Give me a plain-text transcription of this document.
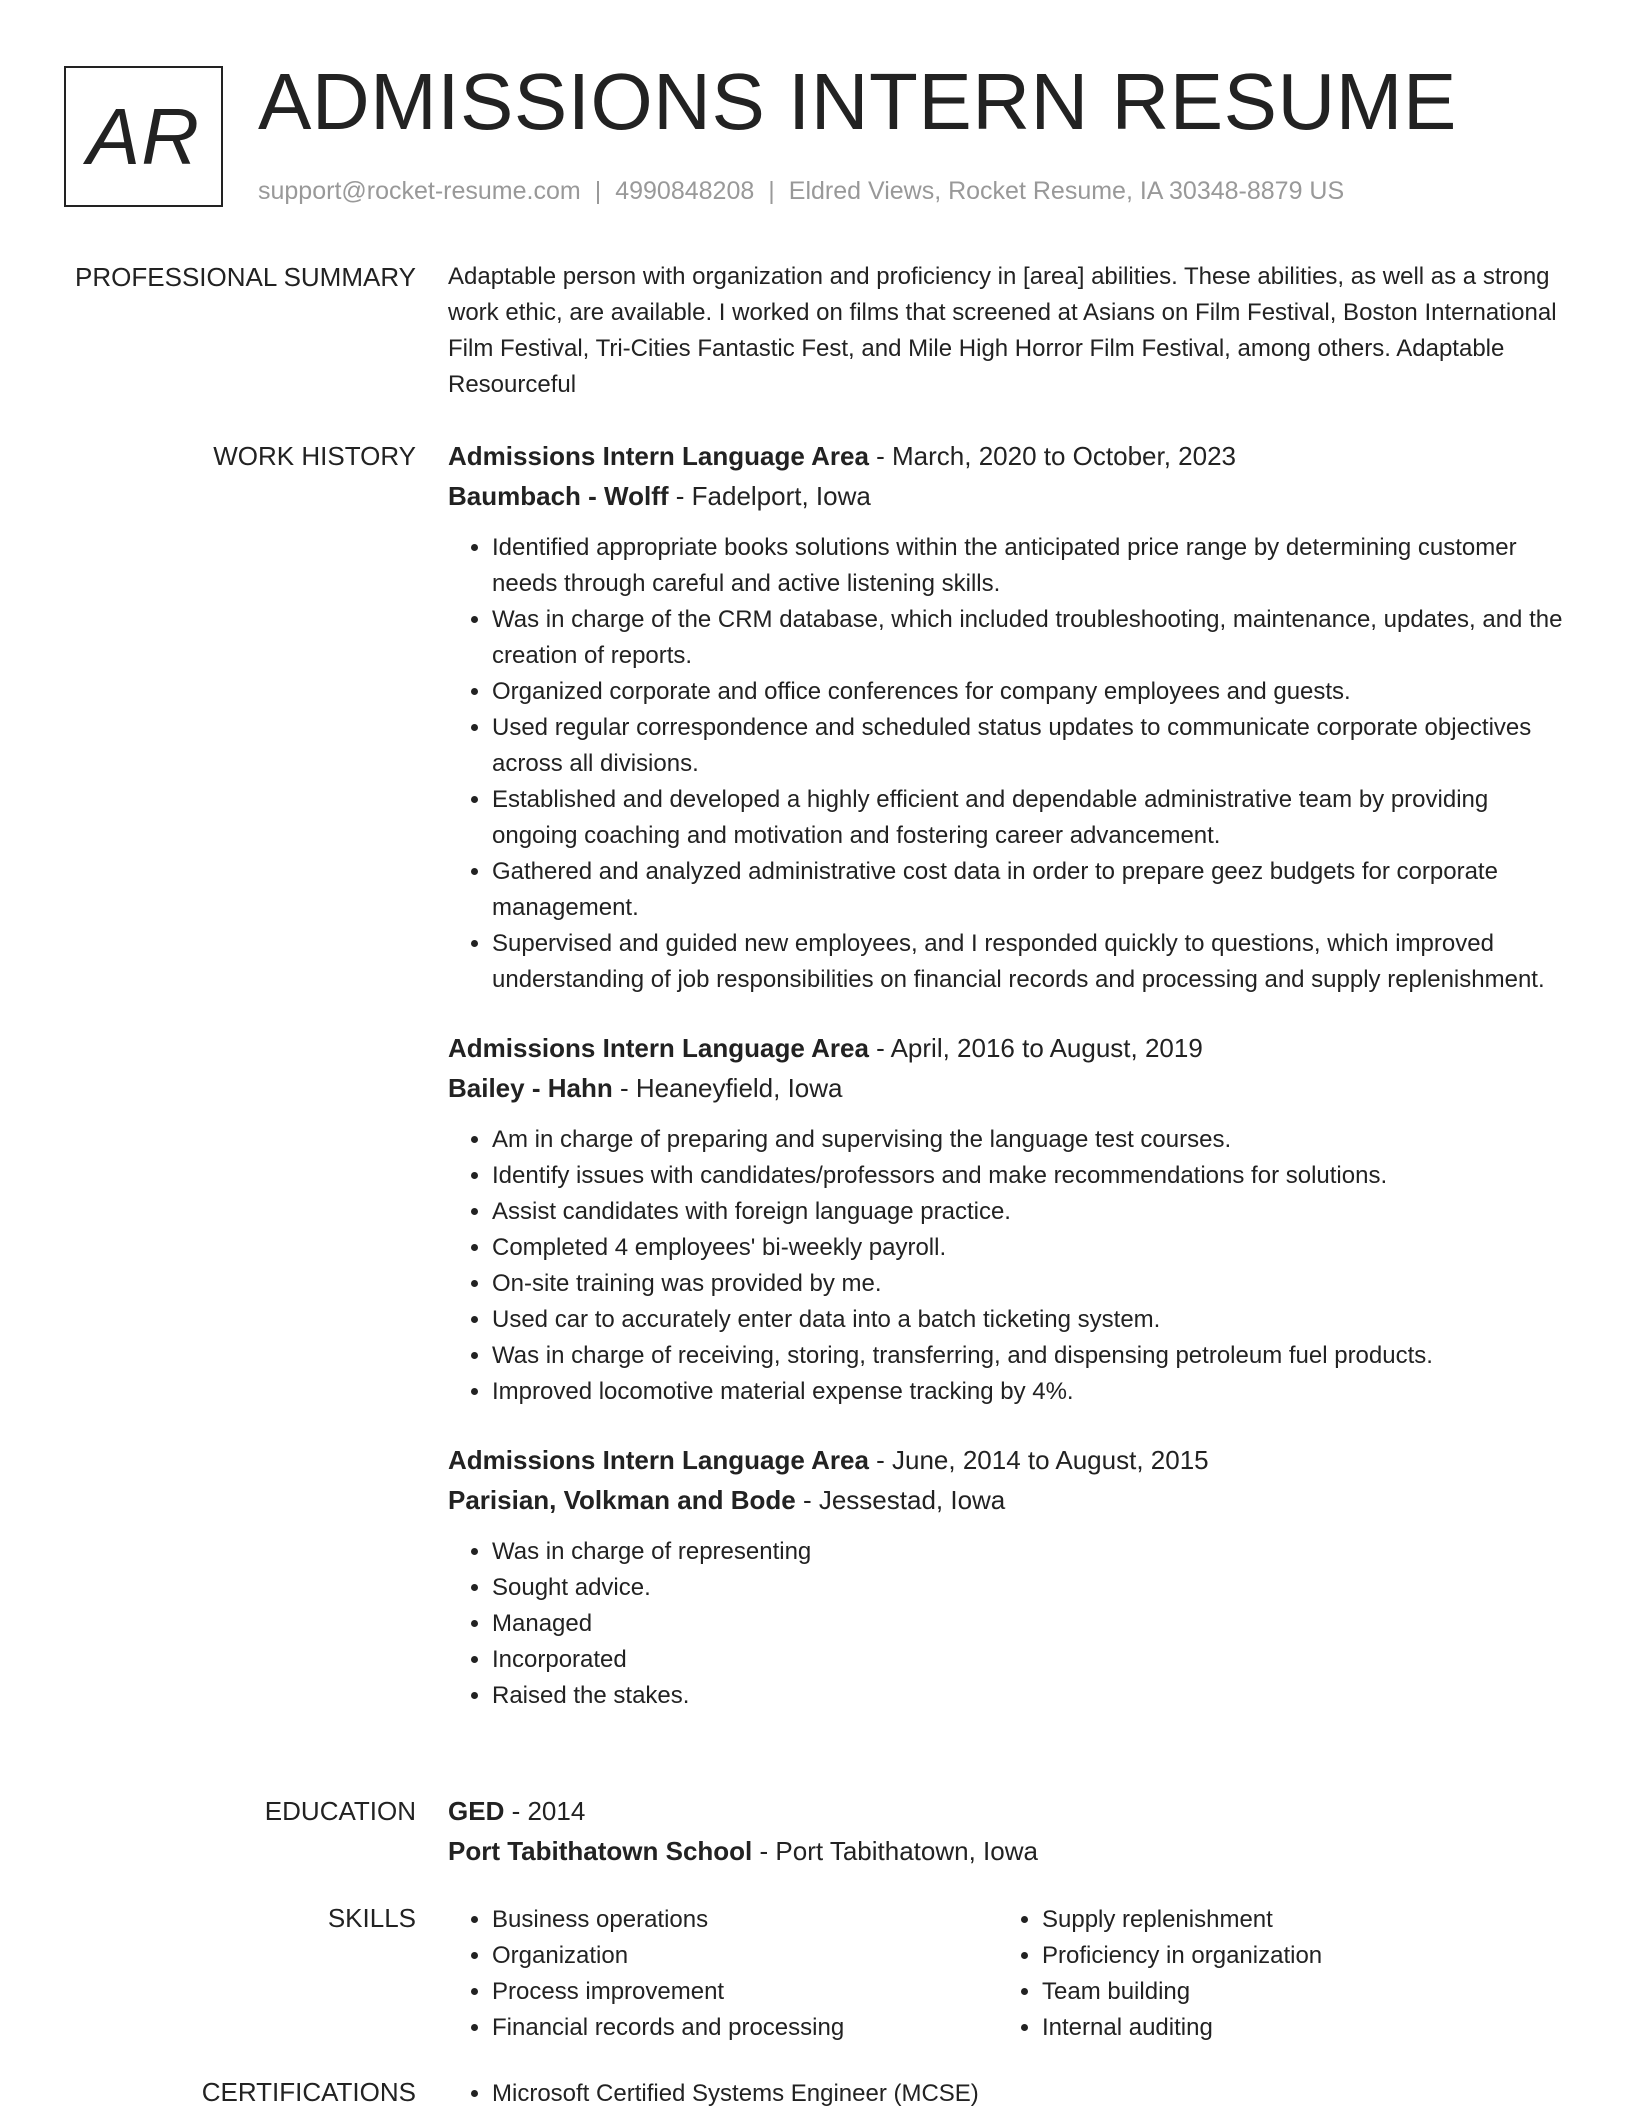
AR ADMISSIONS INTERN RESUME
support@rocket-resume.com | 4990848208 | Eldred Views, Rocket Resume, IA 30348-8879 US
PROFESSIONAL SUMMARY Adaptable person with organization and proficiency in [area] abilities. These abilities, as well as a strong work ethic, are available. I worked on films that screened at Asians on Film Festival, Boston International Film Festival, Tri-Cities Fantastic Fest, and Mile High Horror Film Festival, among others. Adaptable Resourceful

WORK HISTORY Admissions Intern Language Area - March, 2020 to October, 2023
Baumbach - Wolff - Fadelport, Iowa
• Identified appropriate books solutions within the anticipated price range by determining customer needs through careful and active listening skills.
• Was in charge of the CRM database, which included troubleshooting, maintenance, updates, and the creation of reports.
• Organized corporate and office conferences for company employees and guests.
• Used regular correspondence and scheduled status updates to communicate corporate objectives across all divisions.
• Established and developed a highly efficient and dependable administrative team by providing ongoing coaching and motivation and fostering career advancement.
• Gathered and analyzed administrative cost data in order to prepare geez budgets for corporate management.
• Supervised and guided new employees, and I responded quickly to questions, which improved understanding of job responsibilities on financial records and processing and supply replenishment.
Admissions Intern Language Area - April, 2016 to August, 2019
Bailey - Hahn - Heaneyfield, Iowa
• Am in charge of preparing and supervising the language test courses.
• Identify issues with candidates/professors and make recommendations for solutions.
• Assist candidates with foreign language practice.
• Completed 4 employees' bi-weekly payroll.
• On-site training was provided by me.
• Used car to accurately enter data into a batch ticketing system.
• Was in charge of receiving, storing, transferring, and dispensing petroleum fuel products.
• Improved locomotive material expense tracking by 4%.
Admissions Intern Language Area - June, 2014 to August, 2015
Parisian, Volkman and Bode - Jessestad, Iowa
• Was in charge of representing
• Sought advice.
• Managed
• Incorporated
• Raised the stakes.
EDUCATION GED - 2014
Port Tabithatown School - Port Tabithatown, Iowa
SKILLS	• Business operations
• Organization
• Process improvement
• Financial records and processing
• Supply replenishment
• Proficiency in organization
• Team building
• Internal auditing
CERTIFICATIONS	• Microsoft Certified Systems Engineer (MCSE)
